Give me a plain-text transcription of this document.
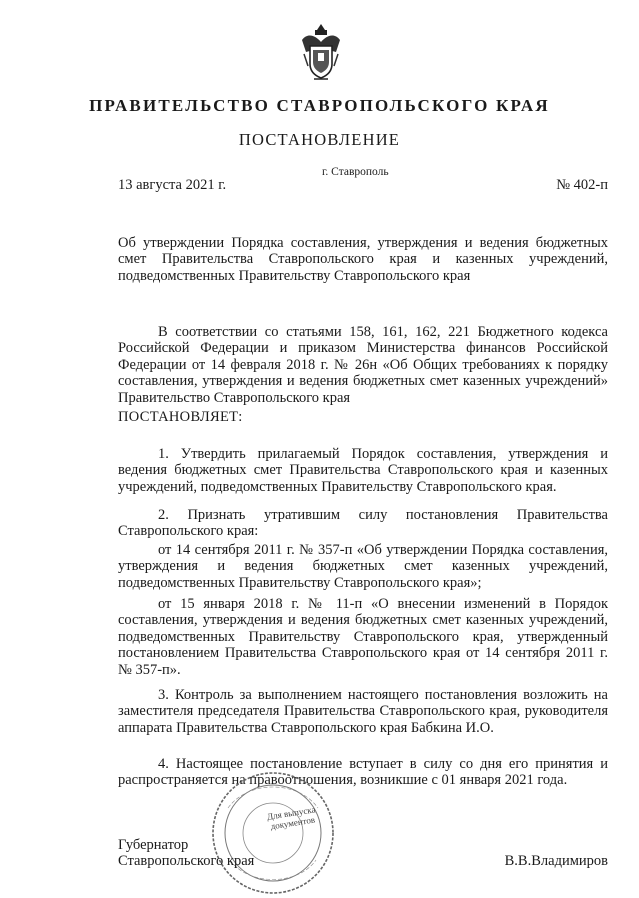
ПРАВИТЕЛЬСТВО СТАВРОПОЛЬСКОГО КРАЯ
ПОСТАНОВЛЕНИЕ
г. Ставрополь
13 августа 2021 г.	№ 402-п
Об утверждении Порядка составления, утверждения и ведения бюджетных смет Правительства Ставропольского края и казенных учреждений, подведомственных Правительству Ставропольского края
В соответствии со статьями 158, 161, 162, 221 Бюджетного кодекса Российской Федерации и приказом Министерства финансов Российской Федерации от 14 февраля 2018 г. № 26н «Об Общих требованиях к порядку составления, утверждения и ведения бюджетных смет казенных учреждений» Правительство Ставропольского края
ПОСТАНОВЛЯЕТ:
1. Утвердить прилагаемый Порядок составления, утверждения и ведения бюджетных смет Правительства Ставропольского края и казенных учреждений, подведомственных Правительству Ставропольского края.
2. Признать утратившим силу постановления Правительства Ставропольского края:
от 14 сентября 2011 г. № 357-п «Об утверждении Порядка составления, утверждения и ведения бюджетных смет казенных учреждений, подведомственных Правительству Ставропольского края»;
от 15 января 2018 г. № 11-п «О внесении изменений в Порядок составления, утверждения и ведения бюджетных смет казенных учреждений, подведомственных Правительству Ставропольского края, утвержденный постановлением Правительства Ставропольского края от 14 сентября 2011 г. № 357-п».
3. Контроль за выполнением настоящего постановления возложить на заместителя председателя Правительства Ставропольского края, руководителя аппарата Правительства Ставропольского края Бабкина И.О.
4. Настоящее постановление вступает в силу со дня его принятия и распространяется на правоотношения, возникшие с 01 января 2021 года.
Для выпуска документов
Губернатор
Ставропольского края	В.В.Владимиров
